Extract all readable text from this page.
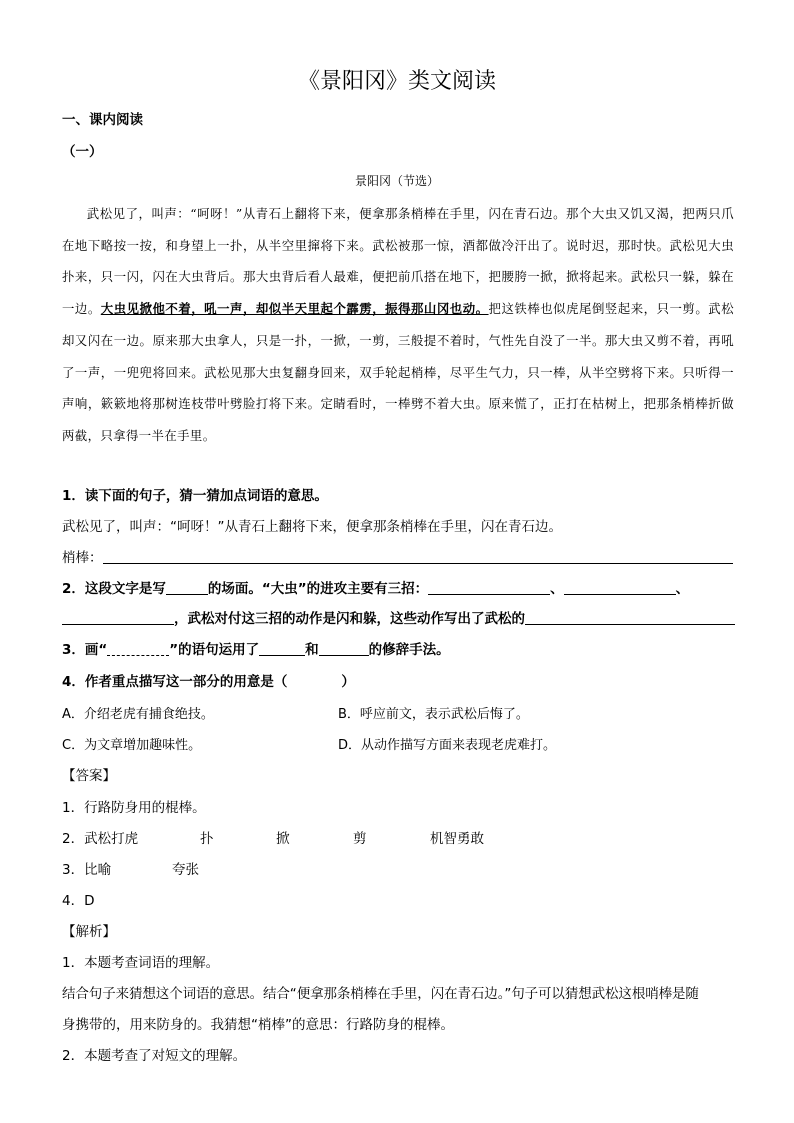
《景阳冈》类文阅读
一、课内阅读
（一）
景阳冈（节选）
武松见了，叫声：“呵呀！”从青石上翻将下来，便拿那条梢棒在手里，闪在青石边。那个大虫又饥又渴，把两只爪在地下略按一按，和身望上一扑，从半空里撺将下来。武松被那一惊，酒都做冷汗出了。说时迟，那时快。武松见大虫扑来，只一闪，闪在大虫背后。那大虫背后看人最难，便把前爪搭在地下，把腰胯一掀，掀将起来。武松只一躲，躲在一边。大虫见掀他不着，吼一声，却似半天里起个霹雳，振得那山冈也动。把这铁棒也似虎尾倒竖起来，只一剪。武松却又闪在一边。原来那大虫拿人，只是一扑，一掀，一剪，三般提不着时，气性先自没了一半。那大虫又剪不着，再吼了一声，一兜兜将回来。武松见那大虫复翻身回来，双手轮起梢棒，尽平生气力，只一棒，从半空劈将下来。只听得一声响，簌簌地将那树连枝带叶劈脸打将下来。定睛看时，一棒劈不着大虫。原来慌了，正打在枯树上，把那条梢棒折做两截，只拿得一半在手里。
1．读下面的句子，猜一猜加点词语的意思。
武松见了，叫声：“呵呀！”从青石上翻将下来，便拿那条梢棒在手里，闪在青石边。
梢棒：
2．这段文字是写	的场面。“大虫”的进攻主要有三招：	、	、
，武松对付这三招的动作是闪和躲，这些动作写出了武松的
3．画“	”的语句运用了	和	的修辞手法。
4．作者重点描写这一部分的用意是（　　　　）
A．介绍老虎有捕食绝技。	B．呼应前文，表示武松后悔了。
C．为文章增加趣味性。	D．从动作描写方面来表现老虎难打。
【答案】
1．行路防身用的棍棒。
2．武松打虎	扑	掀	剪	机智勇敢
3．比喻	夸张
4．D
【解析】
1．本题考查词语的理解。
结合句子来猜想这个词语的意思。结合“便拿那条梢棒在手里，闪在青石边。”句子可以猜想武松这根哨棒是随
身携带的，用来防身的。我猜想“梢棒”的意思：行路防身的棍棒。
2．本题考查了对短文的理解。
